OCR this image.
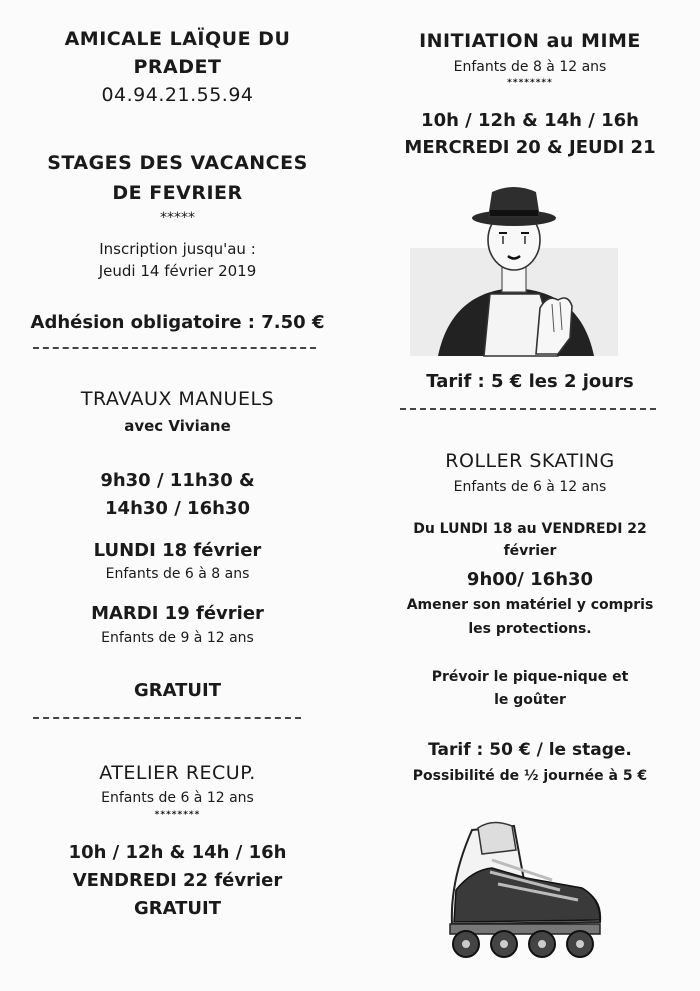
AMICALE LAÏQUE DU
PRADET
04.94.21.55.94
STAGES DES VACANCES
DE FEVRIER
*****
Inscription jusqu'au :
Jeudi 14 février 2019
Adhésion obligatoire : 7.50 €
TRAVAUX MANUELS
avec Viviane
9h30 / 11h30 &
14h30 / 16h30
LUNDI 18 février
Enfants de 6 à 8 ans
MARDI 19 février
Enfants de 9 à 12 ans
GRATUIT
ATELIER RECUP.
Enfants de 6 à 12 ans
********
10h / 12h & 14h / 16h
VENDREDI 22 février
GRATUIT
INITIATION au MIME
Enfants de 8 à 12 ans
********
10h / 12h & 14h / 16h
MERCREDI 20 & JEUDI 21
Tarif : 5 € les 2 jours
ROLLER SKATING
Enfants de 6 à 12 ans
Du LUNDI 18 au VENDREDI 22
février
9h00/ 16h30
Amener son matériel y compris
les protections.
Prévoir le pique-nique et
le goûter
Tarif : 50 € / le stage.
Possibilité de ½ journée à 5 €
